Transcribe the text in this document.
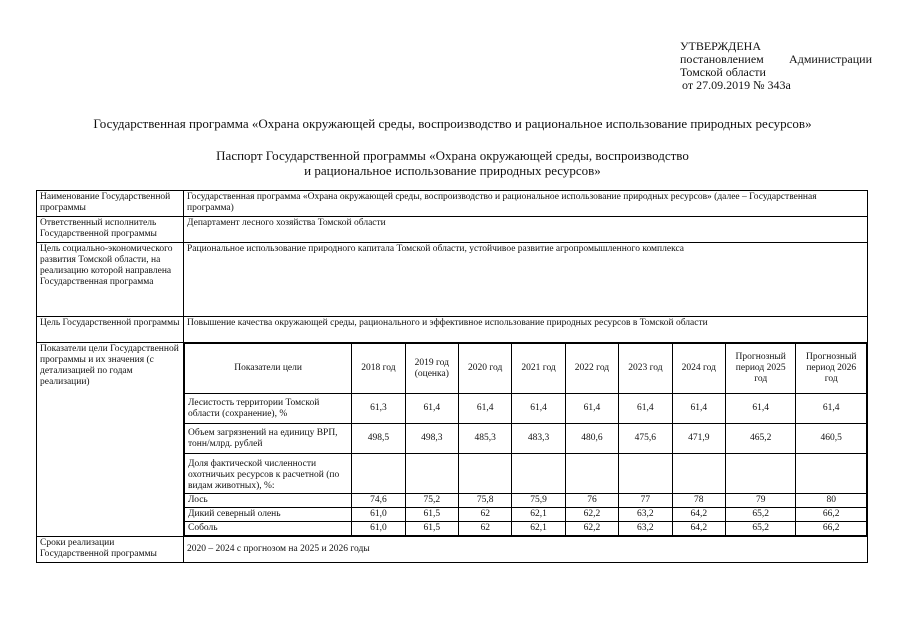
УТВЕРЖДЕНА
постановлением Администрации
Томской области
от 27.09.2019 № 343а
Государственная программа «Охрана окружающей среды, воспроизводство и рациональное использование природных ресурсов»
Паспорт Государственной программы «Охрана окружающей среды, воспроизводство
и рациональное использование природных ресурсов»
Наименование Государственной программы	Государственная программа «Охрана окружающей среды, воспроизводство и рациональное использование природных ресурсов» (далее – Государственная программа)
Ответственный исполнитель Государственной программы	Департамент лесного хозяйства Томской области
Цель социально-экономического развития Томской области, на реализацию которой направлена Государственная программа	Рациональное использование природного капитала Томской области, устойчивое развитие агропромышленного комплекса
Цель Государственной программы	Повышение качества окружающей среды, рационального и эффективное использование природных ресурсов в Томской области
Показатели цели Государственной программы и их значения (с детализацией по годам реализации)	
Показатели цели	2018 год	2019 год (оценка)	2020 год	2021 год	2022 год	2023 год	2024 год	Прогнозный период 2025 год	Прогнозный период 2026 год
Лесистость территории Томской области (сохранение), %	61,3	61,4	61,4	61,4	61,4	61,4	61,4	61,4	61,4
Объем загрязнений на единицу ВРП, тонн/млрд. рублей	498,5	498,3	485,3	483,3	480,6	475,6	471,9	465,2	460,5
Доля фактической численности охотничьих ресурсов к расчетной (по видам животных), %:									
Лось	74,6	75,2	75,8	75,9	76	77	78	79	80
Дикий северный олень	61,0	61,5	62	62,1	62,2	63,2	64,2	65,2	66,2
Соболь	61,0	61,5	62	62,1	62,2	63,2	64,2	65,2	66,2

Сроки реализации Государственной программы	2020 – 2024 с прогнозом на 2025 и 2026 годы
